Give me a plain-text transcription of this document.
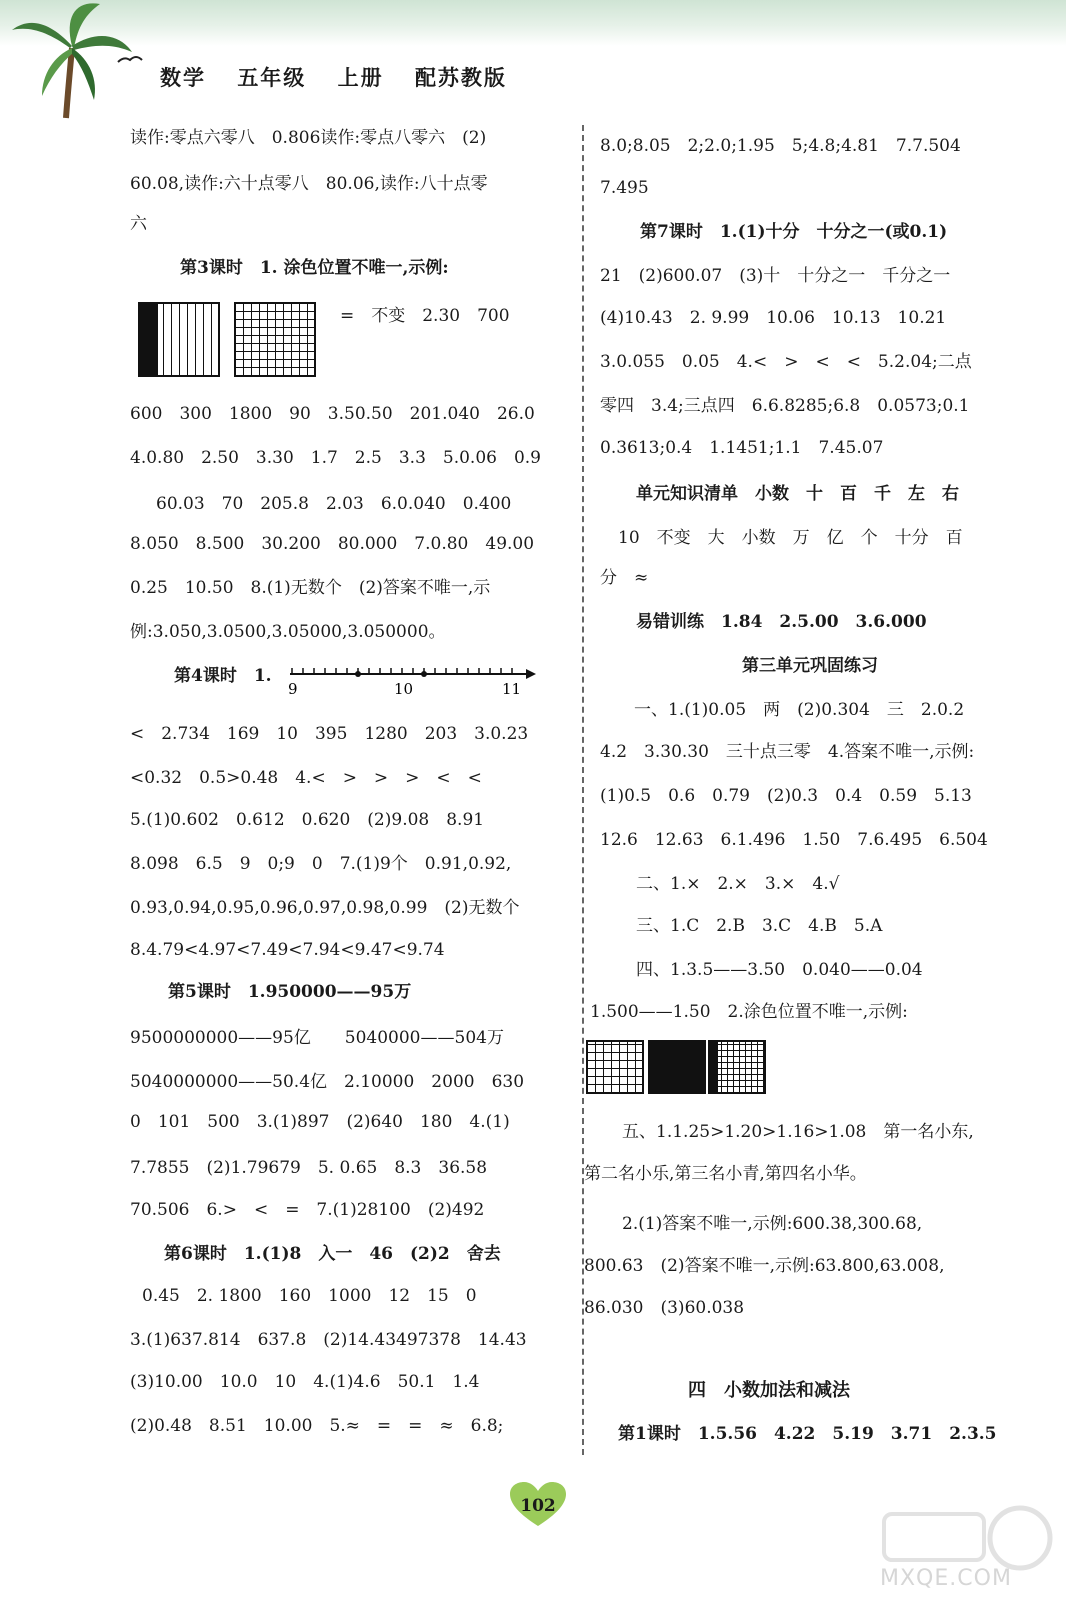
数学 五年级 上册 配苏教版
读作:零点六零八　0.806读作:零点八零六　(2)
60.08,读作:六十点零八　80.06,读作:八十点零
六
第3课时　1. 涂色位置不唯一,示例:
=　不变　2.30　700
600　300　1800　90　3.50.50　201.040　26.0
4.0.80　2.50　3.30　1.7　2.5　3.3　5.0.06　0.9
60.03　70　205.8　2.03　6.0.040　0.400
8.050　8.500　30.200　80.000　7.0.80　49.00
0.25　10.50　8.(1)无数个　(2)答案不唯一,示
例:3.050,3.0500,3.05000,3.050000。
第4课时　1.
9	10	11
<　2.734　169　10　395　1280　203　3.0.23
<0.32　0.5>0.48　4.<　>　>　>　<　<
5.(1)0.602　0.612　0.620　(2)9.08　8.91
8.098　6.5　9　0;9　0　7.(1)9个　0.91,0.92,
0.93,0.94,0.95,0.96,0.97,0.98,0.99　(2)无数个
8.4.79<4.97<7.49<7.94<9.47<9.74
第5课时　1.950000——95万
9500000000——95亿　　5040000——504万
5040000000——50.4亿　2.10000　2000　630
0　101　500　3.(1)897　(2)640　180　4.(1)
7.7855　(2)1.79679　5. 0.65　8.3　36.58
70.506　6.>　<　=　7.(1)28100　(2)492
第6课时　1.(1)8　入一　46　(2)2　舍去
0.45　2. 1800　160　1000　12　15　0
3.(1)637.814　637.8　(2)14.43497378　14.43
(3)10.00　10.0　10　4.(1)4.6　50.1　1.4
(2)0.48　8.51　10.00　5.≈　=　=　≈　6.8;
8.0;8.05　2;2.0;1.95　5;4.8;4.81　7.7.504
7.495
第7课时　1.(1)十分　十分之一(或0.1)
21　(2)600.07　(3)十　十分之一　千分之一
(4)10.43　2. 9.99　10.06　10.13　10.21
3.0.055　0.05　4.<　>　<　<　5.2.04;二点
零四　3.4;三点四　6.6.8285;6.8　0.0573;0.1
0.3613;0.4　1.1451;1.1　7.45.07
单元知识清单　小数　十　百　千　左　右
10　不变　大　小数　万　亿　个　十分　百
分　≈
易错训练　1.84　2.5.00　3.6.000
第三单元巩固练习
一、1.(1)0.05　两　(2)0.304　三　2.0.2
4.2　3.30.30　三十点三零　4.答案不唯一,示例:
(1)0.5　0.6　0.79　(2)0.3　0.4　0.59　5.13
12.6　12.63　6.1.496　1.50　7.6.495　6.504
二、1.×　2.×　3.×　4.√
三、1.C　2.B　3.C　4.B　5.A
四、1.3.5——3.50　0.040——0.04
1.500——1.50　2.涂色位置不唯一,示例:
五、1.1.25>1.20>1.16>1.08　第一名小东,
第二名小乐,第三名小青,第四名小华。
2.(1)答案不唯一,示例:600.38,300.68,
800.63　(2)答案不唯一,示例:63.800,63.008,
86.030　(3)60.038
四　小数加法和减法
第1课时　1.5.56　4.22　5.19　3.71　2.3.5
102
MXQE.COM
